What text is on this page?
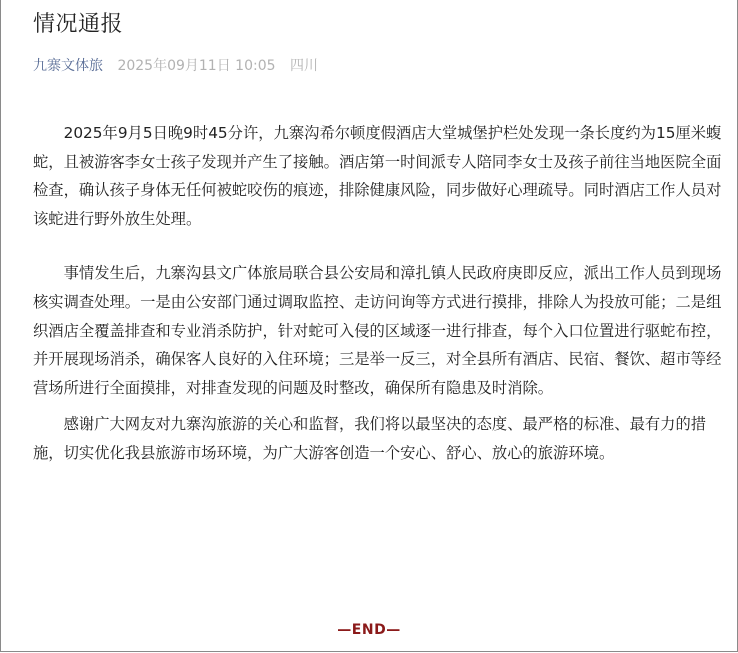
情况通报
九寨文体旅 2025年09月11日 10:05 四川

2025年9月5日晚9时45分许，九寨沟希尔顿度假酒店大堂城堡护栏处发现一条长度约为15厘米蝮蛇，且被游客李女士孩子发现并产生了接触。酒店第一时间派专人陪同李女士及孩子前往当地医院全面检查，确认孩子身体无任何被蛇咬伤的痕迹，排除健康风险，同步做好心理疏导。同时酒店工作人员对该蛇进行野外放生处理。

事情发生后，九寨沟县文广体旅局联合县公安局和漳扎镇人民政府庚即反应，派出工作人员到现场核实调查处理。一是由公安部门通过调取监控、走访问询等方式进行摸排，排除人为投放可能；二是组织酒店全覆盖排查和专业消杀防护，针对蛇可入侵的区域逐一进行排查，每个入口位置进行驱蛇布控，并开展现场消杀，确保客人良好的入住环境；三是举一反三，对全县所有酒店、民宿、餐饮、超市等经营场所进行全面摸排，对排查发现的问题及时整改，确保所有隐患及时消除。

感谢广大网友对九寨沟旅游的关心和监督，我们将以最坚决的态度、最严格的标准、最有力的措施，切实优化我县旅游市场环境，为广大游客创造一个安心、舒心、放心的旅游环境。

—END—
